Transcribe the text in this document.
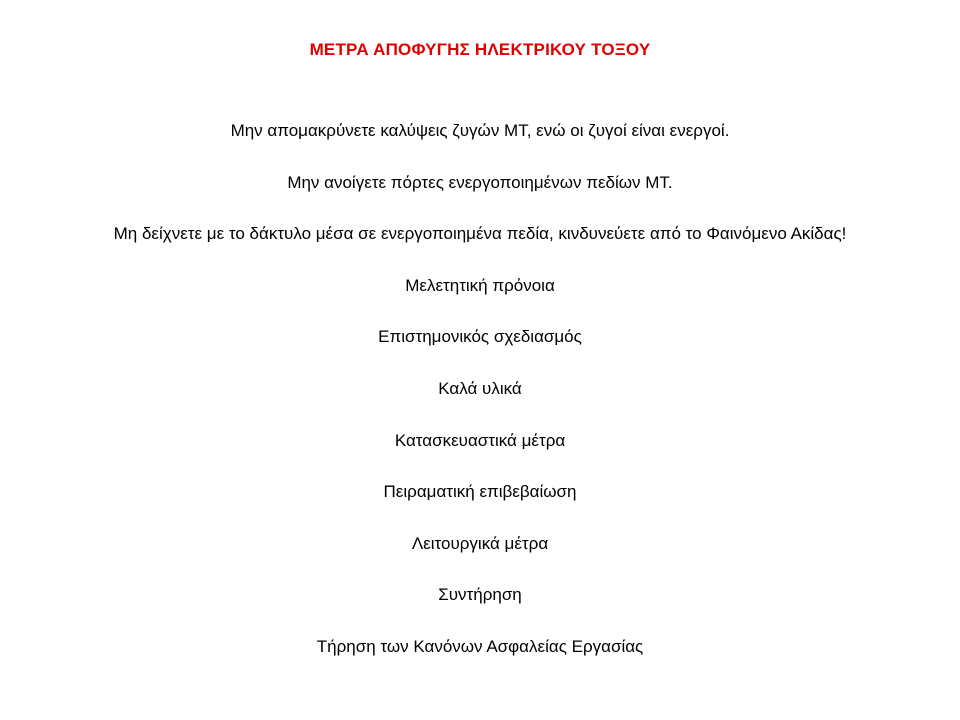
ΜΕΤΡΑ ΑΠΟΦΥΓΗΣ ΗΛΕΚΤΡΙΚΟΥ ΤΟΞΟΥ
Μην απομακρύνετε καλύψεις ζυγών ΜΤ, ενώ οι ζυγοί είναι ενεργοί.
Μην ανοίγετε πόρτες ενεργοποιημένων πεδίων ΜΤ.
Μη δείχνετε με το δάκτυλο μέσα σε ενεργοποιημένα πεδία, κινδυνεύετε από το Φαινόμενο Ακίδας!
Μελετητική πρόνοια
Επιστημονικός σχεδιασμός
Καλά υλικά
Κατασκευαστικά μέτρα
Πειραματική επιβεβαίωση
Λειτουργικά μέτρα
Συντήρηση
Τήρηση των Κανόνων Ασφαλείας Εργασίας
